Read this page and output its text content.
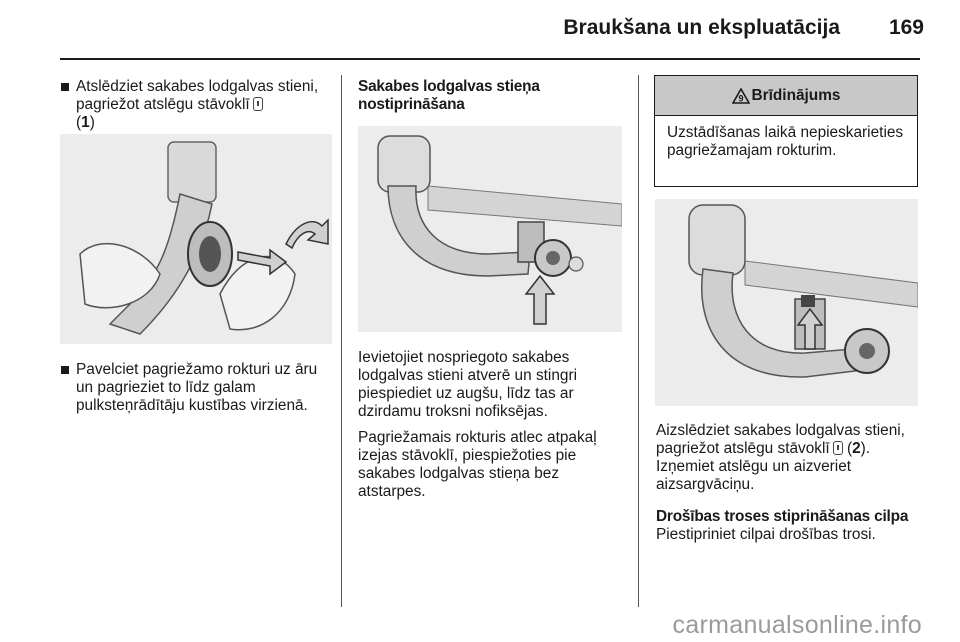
Braukšana un ekspluatācija 169
Atslēdziet sakabes lodgalvas stieni, pagriežot atslēgu stāvoklī
(1)
Pavelciet pagriežamo rokturi uz āru un pagrieziet to līdz galam pulksteņrādītāju kustības virzienā.
Sakabes lodgalvas stieņa nostiprināšana
Ievietojiet nospriegoto sakabes lodgalvas stieni atverē un stingri piespiediet uz augšu, līdz tas ar dzirdamu troksni nofiksējas.
Pagriežamais rokturis atlec atpakaļ izejas stāvoklī, piespiežoties pie sakabes lodgalvas stieņa bez atstarpes.
9 Brīdinājums
Uzstādīšanas laikā nepieskarieties pagriežamajam rokturim.
Aizslēdziet sakabes lodgalvas stieni, pagriežot atslēgu stāvoklī (2).
Izņemiet atslēgu un aizveriet aizsargvāciņu.
Drošības troses stiprināšanas cilpa
Piestipriniet cilpai drošības trosi.
carmanualsonline.info
